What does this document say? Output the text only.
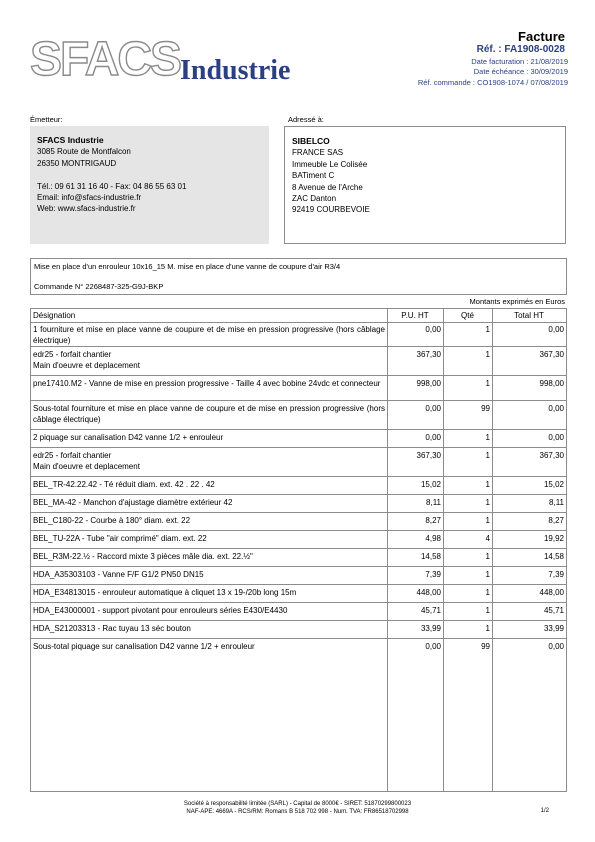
SFACS Industrie
Facture
Réf. : FA1908-0028
Date facturation : 21/08/2019
Date échéance : 30/09/2019
Réf. commande : CO1908-1074 / 07/08/2019
Émetteur:	Adressé à:
SFACS Industrie
3085 Route de Montfalcon
26350 MONTRIGAUD
Tél.: 09 61 31 16 40 - Fax: 04 86 55 63 01
Email: info@sfacs-industrie.fr
Web: www.sfacs-industrie.fr
SIBELCO
FRANCE SAS
Immeuble Le Colisée
BATiment C
8 Avenue de l'Arche
ZAC Danton
92419 COURBEVOIE
Mise en place d'un enrouleur 10x16_15 M. mise en place d'une vanne de coupure d'air R3/4
Commande N° 2268487-325-G9J-BKP
Montants exprimés en Euros
Désignation	P.U. HT	Qté	Total HT
1 fourniture et mise en place vanne de coupure et de mise en pression progressive (hors câblage électrique)
0,00	1	0,00
edr25 - forfait chantier
Main d'oeuvre et deplacement
367,30	1	367,30
pne17410.M2 - Vanne de mise en pression progressive - Taille 4 avec bobine 24vdc et connecteur	998,00	1	998,00
Sous-total fourniture et mise en place vanne de coupure et de mise en pression progressive (hors câblage électrique)
0,00	99	0,00
2 piquage sur canalisation D42 vanne 1/2 + enrouleur	0,00	1	0,00
edr25 - forfait chantier
Main d'oeuvre et deplacement
367,30	1	367,30
BEL_TR-42.22.42 - Té réduit diam. ext. 42 . 22 . 42	15,02	1	15,02
BEL_MA-42 - Manchon d'ajustage diamètre extérieur 42	8,11	1	8,11
BEL_C180-22 - Courbe à 180° diam. ext. 22	8,27	1	8,27
BEL_TU-22A - Tube "air comprimé" diam. ext. 22	4,98	4	19,92
BEL_R3M-22.½ - Raccord mixte 3 pièces mâle dia. ext. 22.½"	14,58	1	14,58
HDA_A35303103 - Vanne F/F G1/2 PN50 DN15	7,39	1	7,39
HDA_E34813015 - enrouleur automatique à cliquet 13 x 19-/20b long 15m	448,00	1	448,00
HDA_E43000001 - support pivotant pour enrouleurs séries E430/E4430	45,71	1	45,71
HDA_S21203313 - Rac tuyau 13 séc bouton	33,99	1	33,99
Sous-total piquage sur canalisation D42 vanne 1/2 + enrouleur	0,00	99	0,00
Société à responsabilité limitée (SARL) - Capital de 8000€ - SIRET: 51870299800023
NAF-APE: 4669A - RCS/RM: Romans B 518 702 998 - Num. TVA: FR86518702998	1/2
